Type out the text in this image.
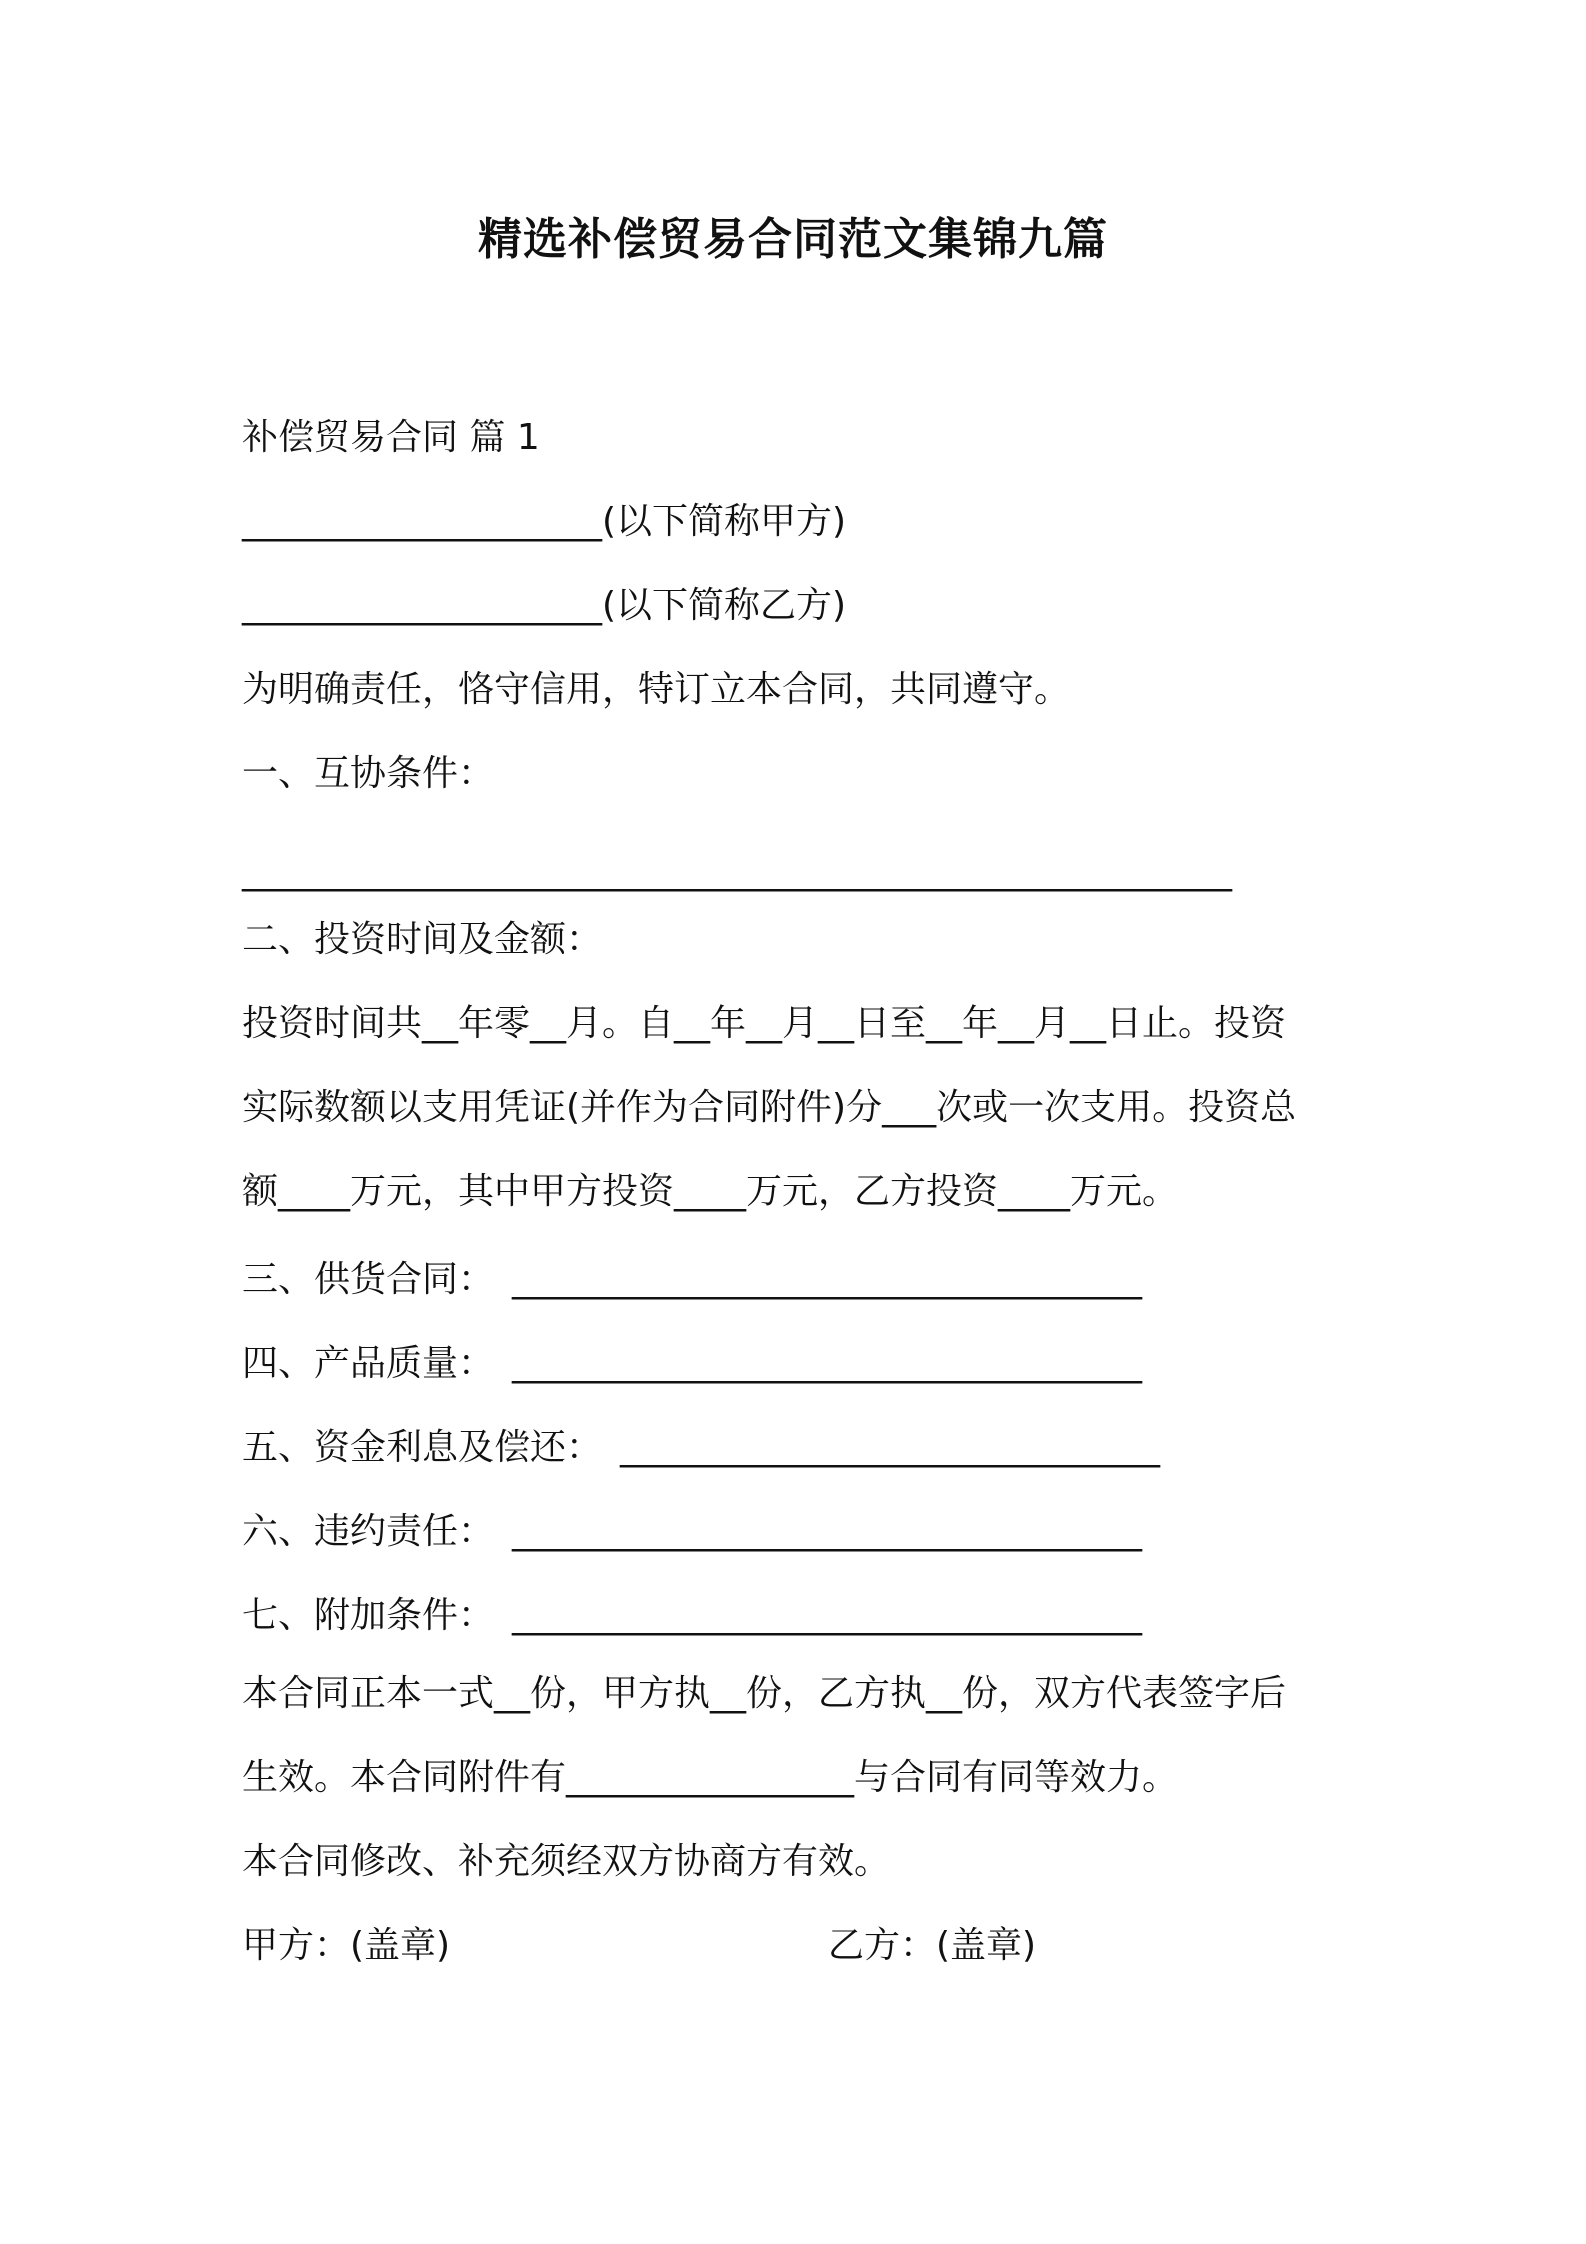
精选补偿贸易合同范文集锦九篇
补偿贸易合同 篇 1
____________________(以下简称甲方)
____________________(以下简称乙方)
为明确责任，恪守信用，特订立本合同，共同遵守。
一、互协条件：
_______________________________________________________
二、投资时间及金额：
投资时间共__年零__月。自__年__月__日至__年__月__日止。投资
实际数额以支用凭证(并作为合同附件)分___次或一次支用。投资总
额____万元，其中甲方投资____万元，乙方投资____万元。
三、供货合同：　___________________________________
四、产品质量：　___________________________________
五、资金利息及偿还：　______________________________
六、违约责任：　___________________________________
七、附加条件：　___________________________________
本合同正本一式__份，甲方执__份，乙方执__份，双方代表签字后
生效。本合同附件有________________与合同有同等效力。
本合同修改、补充须经双方协商方有效。
甲方：(盖章)	乙方：(盖章)
